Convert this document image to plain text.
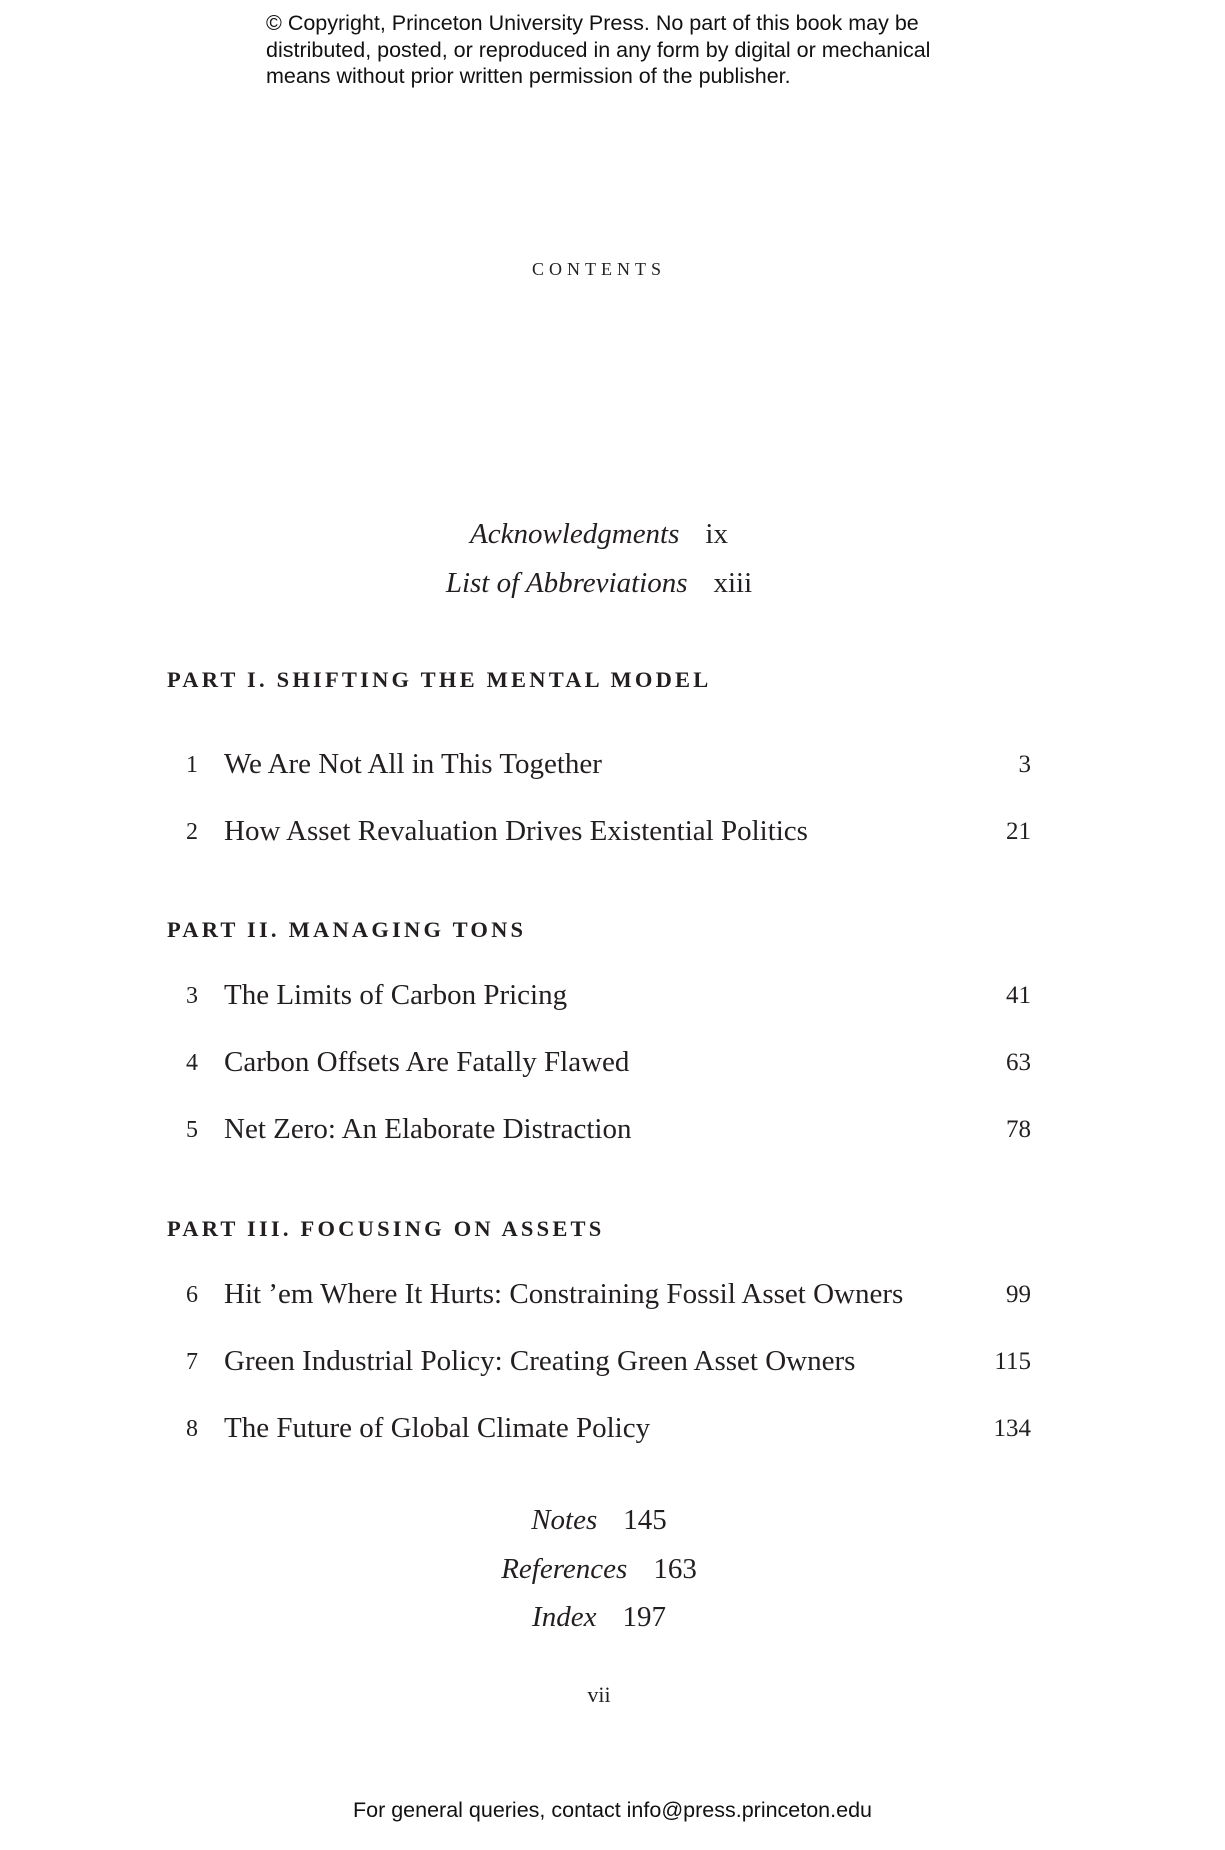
© Copyright, Princeton University Press. No part of this book may be
distributed, posted, or reproduced in any form by digital or mechanical
means without prior written permission of the publisher.
contents
Acknowledgments ix
List of Abbreviations xiii
PART I. SHIFTING THE MENTAL MODEL
1 We Are Not All in This Together	3
2 How Asset Revaluation Drives Existential Politics	21
PART II. MANAGING TONS
3 The Limits of Carbon Pricing	41
4 Carbon Offsets Are Fatally Flawed	63
5 Net Zero: An Elaborate Distraction	78
PART III. FOCUSING ON ASSETS
6 Hit ’em Where It Hurts: Constraining Fossil Asset Owners	99
7 Green Industrial Policy: Creating Green Asset Owners	115
8 The Future of Global Climate Policy	134
Notes 145
References 163
Index 197
vii
For general queries, contact info@press.princeton.edu
